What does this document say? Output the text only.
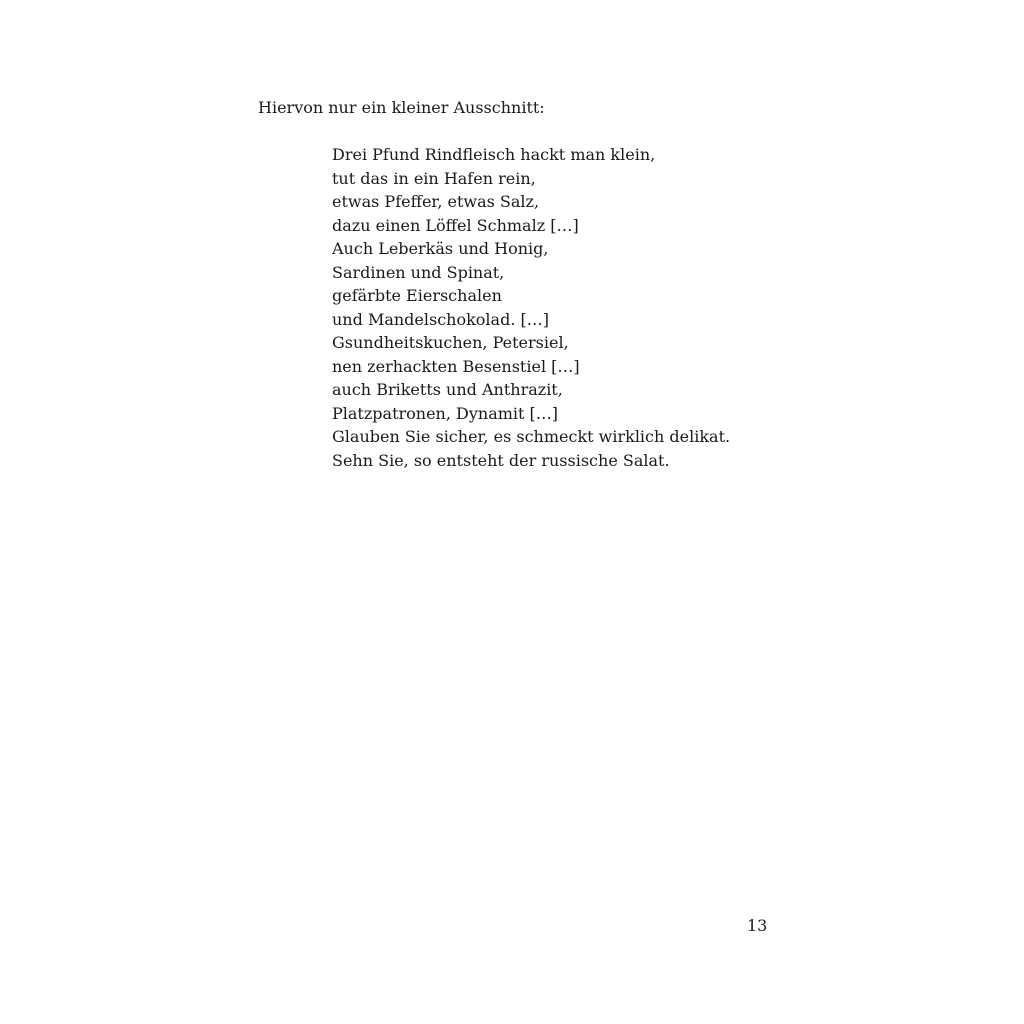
Hiervon nur ein kleiner Ausschnitt:

Drei Pfund Rindfleisch hackt man klein,
tut das in ein Hafen rein,
etwas Pfeffer, etwas Salz,
dazu einen Löffel Schmalz […]
Auch Leberkäs und Honig,
Sardinen und Spinat,
gefärbte Eierschalen
und Mandelschokolad. […]
Gsundheitskuchen, Petersiel,
nen zerhackten Besenstiel […]
auch Briketts und Anthrazit,
Platzpatronen, Dynamit […]
Glauben Sie sicher, es schmeckt wirklich delikat.
Sehn Sie, so entsteht der russische Salat.

13
